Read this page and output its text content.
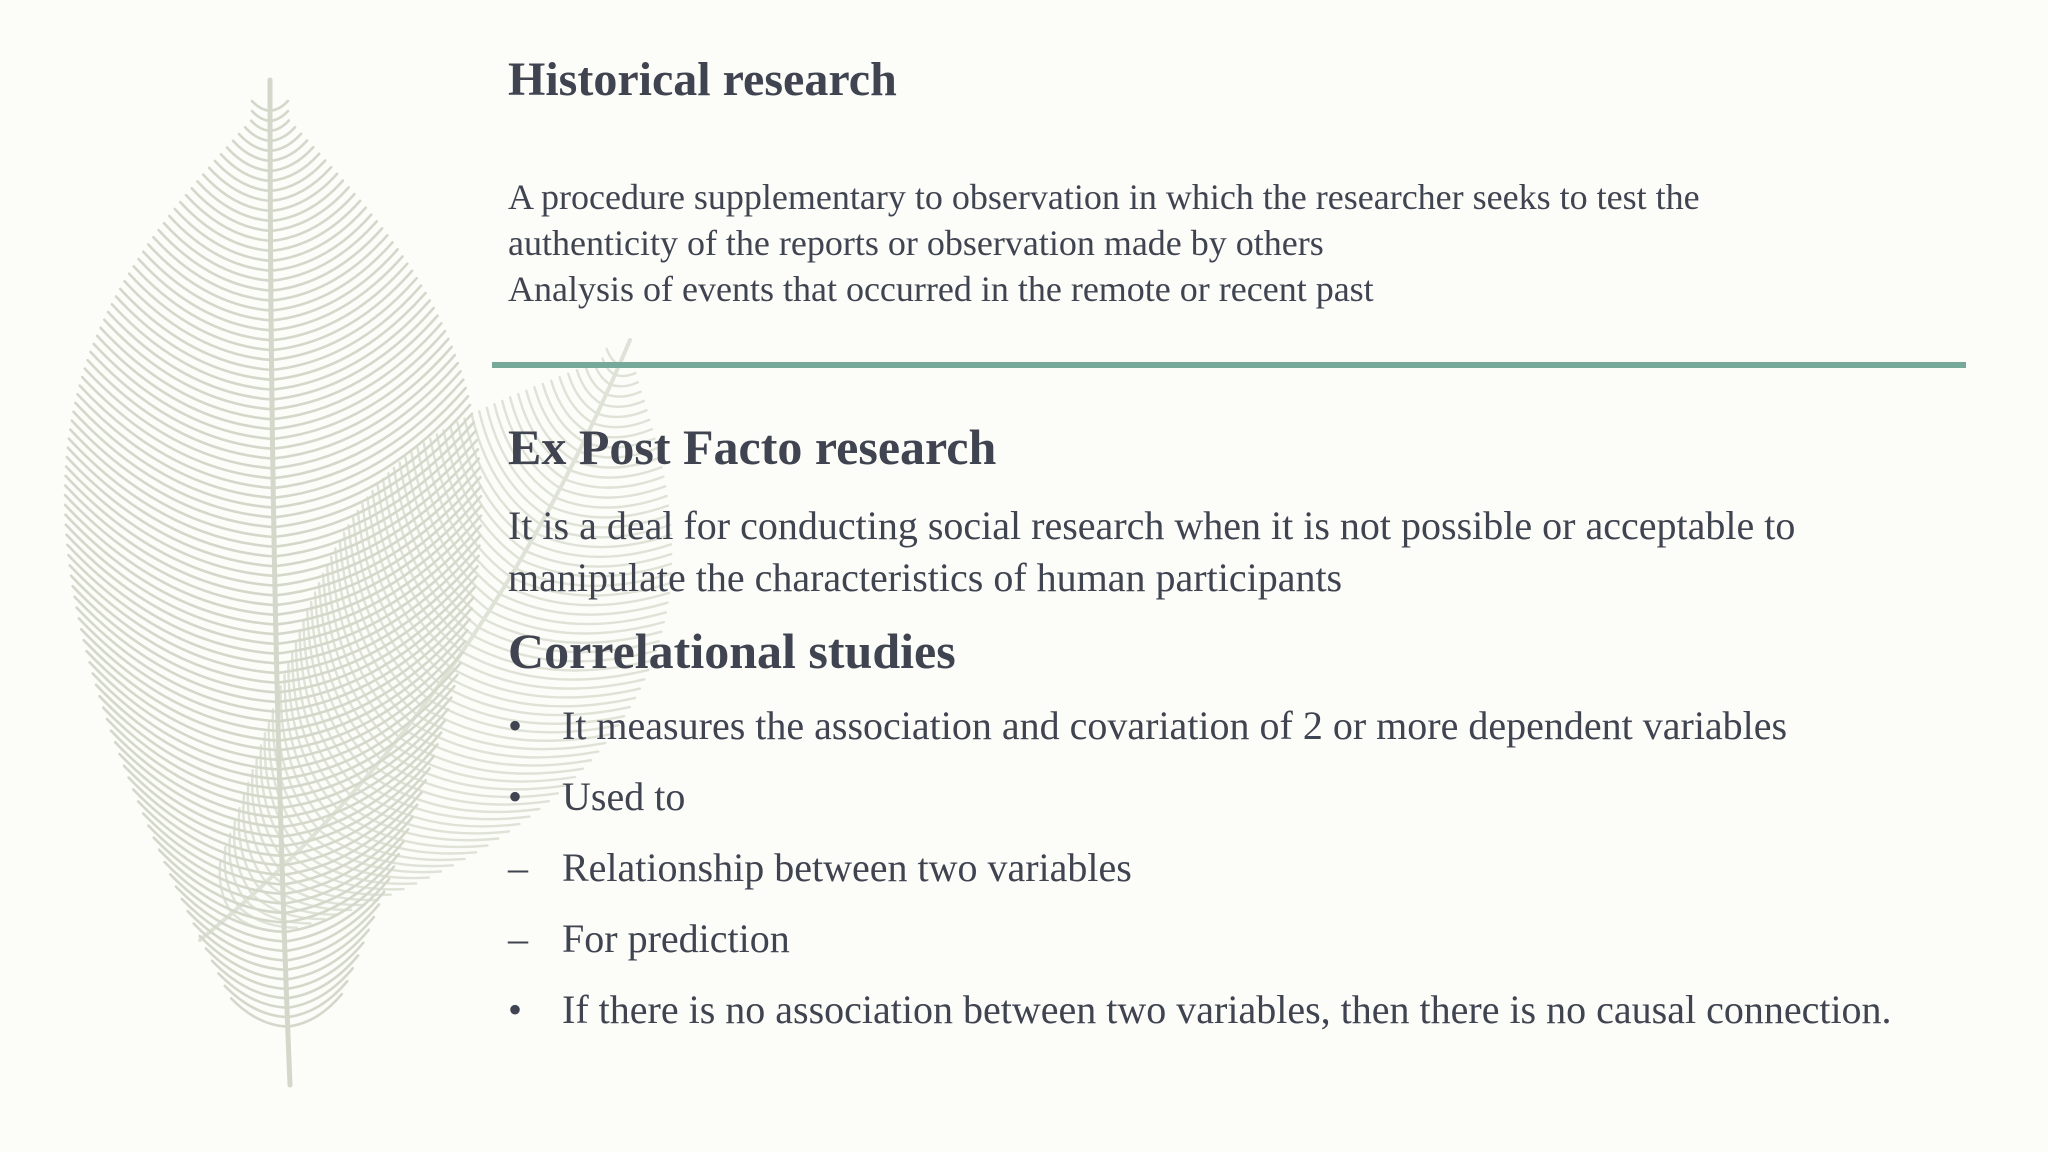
Historical research
A procedure supplementary to observation in which the researcher seeks to test the
authenticity of the reports or observation made by others
Analysis of events that occurred in the remote or recent past
Ex Post Facto research
It is a deal for conducting social research when it is not possible or acceptable to
manipulate the characteristics of human participants
Correlational studies
• It measures the association and covariation of 2 or more dependent variables
• Used to
– Relationship between two variables
– For prediction
• If there is no association between two variables, then there is no causal connection.
